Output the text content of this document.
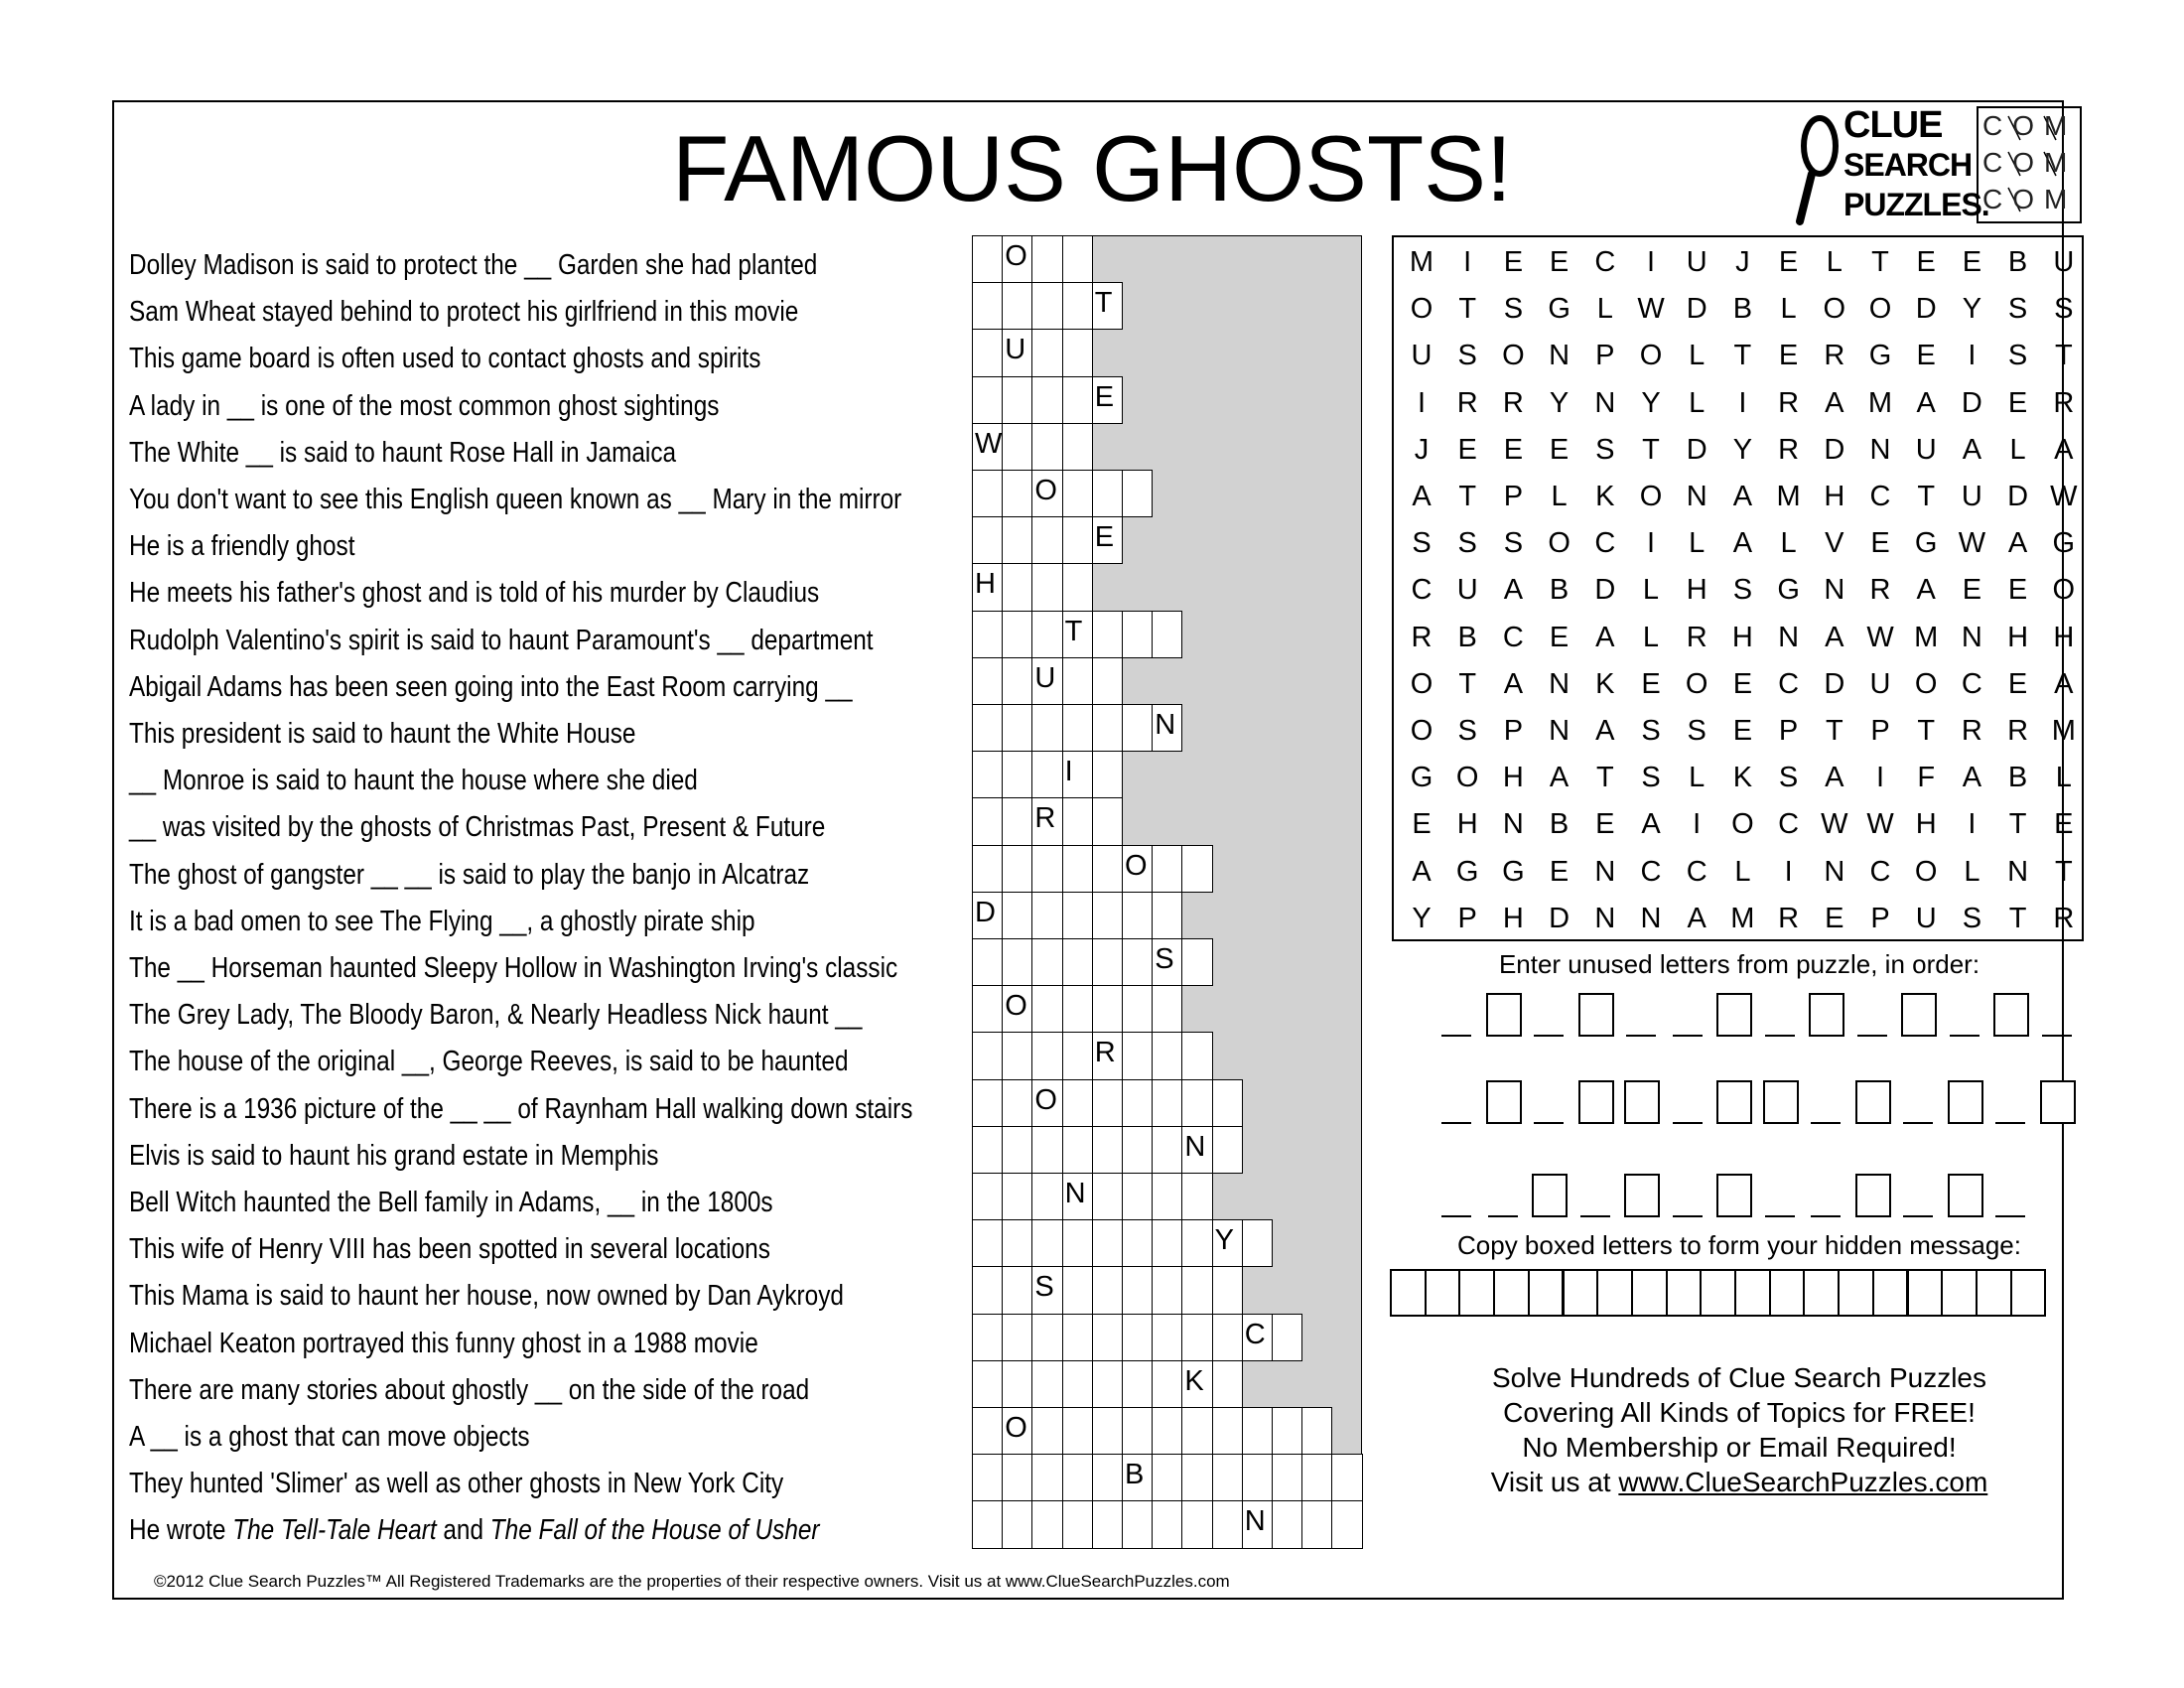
FAMOUS GHOSTS!	CLUE
SEARCH
PUZZLES.
COM
COM
COM
Dolley Madison is said to protect the __ Garden she had planted
Sam Wheat stayed behind to protect his girlfriend in this movie
This game board is often used to contact ghosts and spirits
A lady in __ is one of the most common ghost sightings
The White __ is said to haunt Rose Hall in Jamaica
You don't want to see this English queen known as __ Mary in the mirror
He is a friendly ghost
He meets his father's ghost and is told of his murder by Claudius
Rudolph Valentino's spirit is said to haunt Paramount's __ department
Abigail Adams has been seen going into the East Room carrying __
This president is said to haunt the White House
__ Monroe is said to haunt the house where she died
__ was visited by the ghosts of Christmas Past, Present & Future
The ghost of gangster __ __ is said to play the banjo in Alcatraz
It is a bad omen to see The Flying __, a ghostly pirate ship
The __ Horseman haunted Sleepy Hollow in Washington Irving's classic
The Grey Lady, The Bloody Baron, & Nearly Headless Nick haunt __
The house of the original __, George Reeves, is said to be haunted
There is a 1936 picture of the __ __ of Raynham Hall walking down stairs
Elvis is said to haunt his grand estate in Memphis
Bell Witch haunted the Bell family in Adams, __ in the 1800s
This wife of Henry VIII has been spotted in several locations
This Mama is said to haunt her house, now owned by Dan Aykroyd
Michael Keaton portrayed this funny ghost in a 1988 movie
There are many stories about ghostly __ on the side of the road
A __ is a ghost that can move objects
They hunted 'Slimer' as well as other ghosts in New York City
He wrote The Tell-Tale Heart and The Fall of the House of Usher
O
T
U
E
W
O
E
H
T
U
N
I
R
O
D
S
O
R
O
N
N
Y
S
C
K
O
B
N
M	I	E E C	I	U J	E L	T E E B U
O T S G L W D B L O O D Y S S
U S O N P O L	T E R G E	I	S T
I	R R Y N Y L	I	R A M A D E R
J	E E E S T D Y R D N U A L A
A T P L K O N A M H C T U D W
S S S O C	I	L A L V E G W A G
C U A B D L H S G N R A E E O
R B C E A L R H N A W M N H H
O T A N K E O E C D U O C E A
O S P N A S S E P T P T R R M
G O H A T S L K S A	I	F A B L
E H N B E A	I	O C W W H	I	T E
A G G E N C C L	I	N C O L N T
Y P H D N N A M R E P U S T R
Enter unused letters from puzzle, in order:
Copy boxed letters to form your hidden message:
Solve Hundreds of Clue Search Puzzles
Covering All Kinds of Topics for FREE!
No Membership or Email Required!
Visit us at www.ClueSearchPuzzles.com
©2012 Clue Search Puzzles™ All Registered Trademarks are the properties of their respective owners. Visit us at www.ClueSearchPuzzles.com
